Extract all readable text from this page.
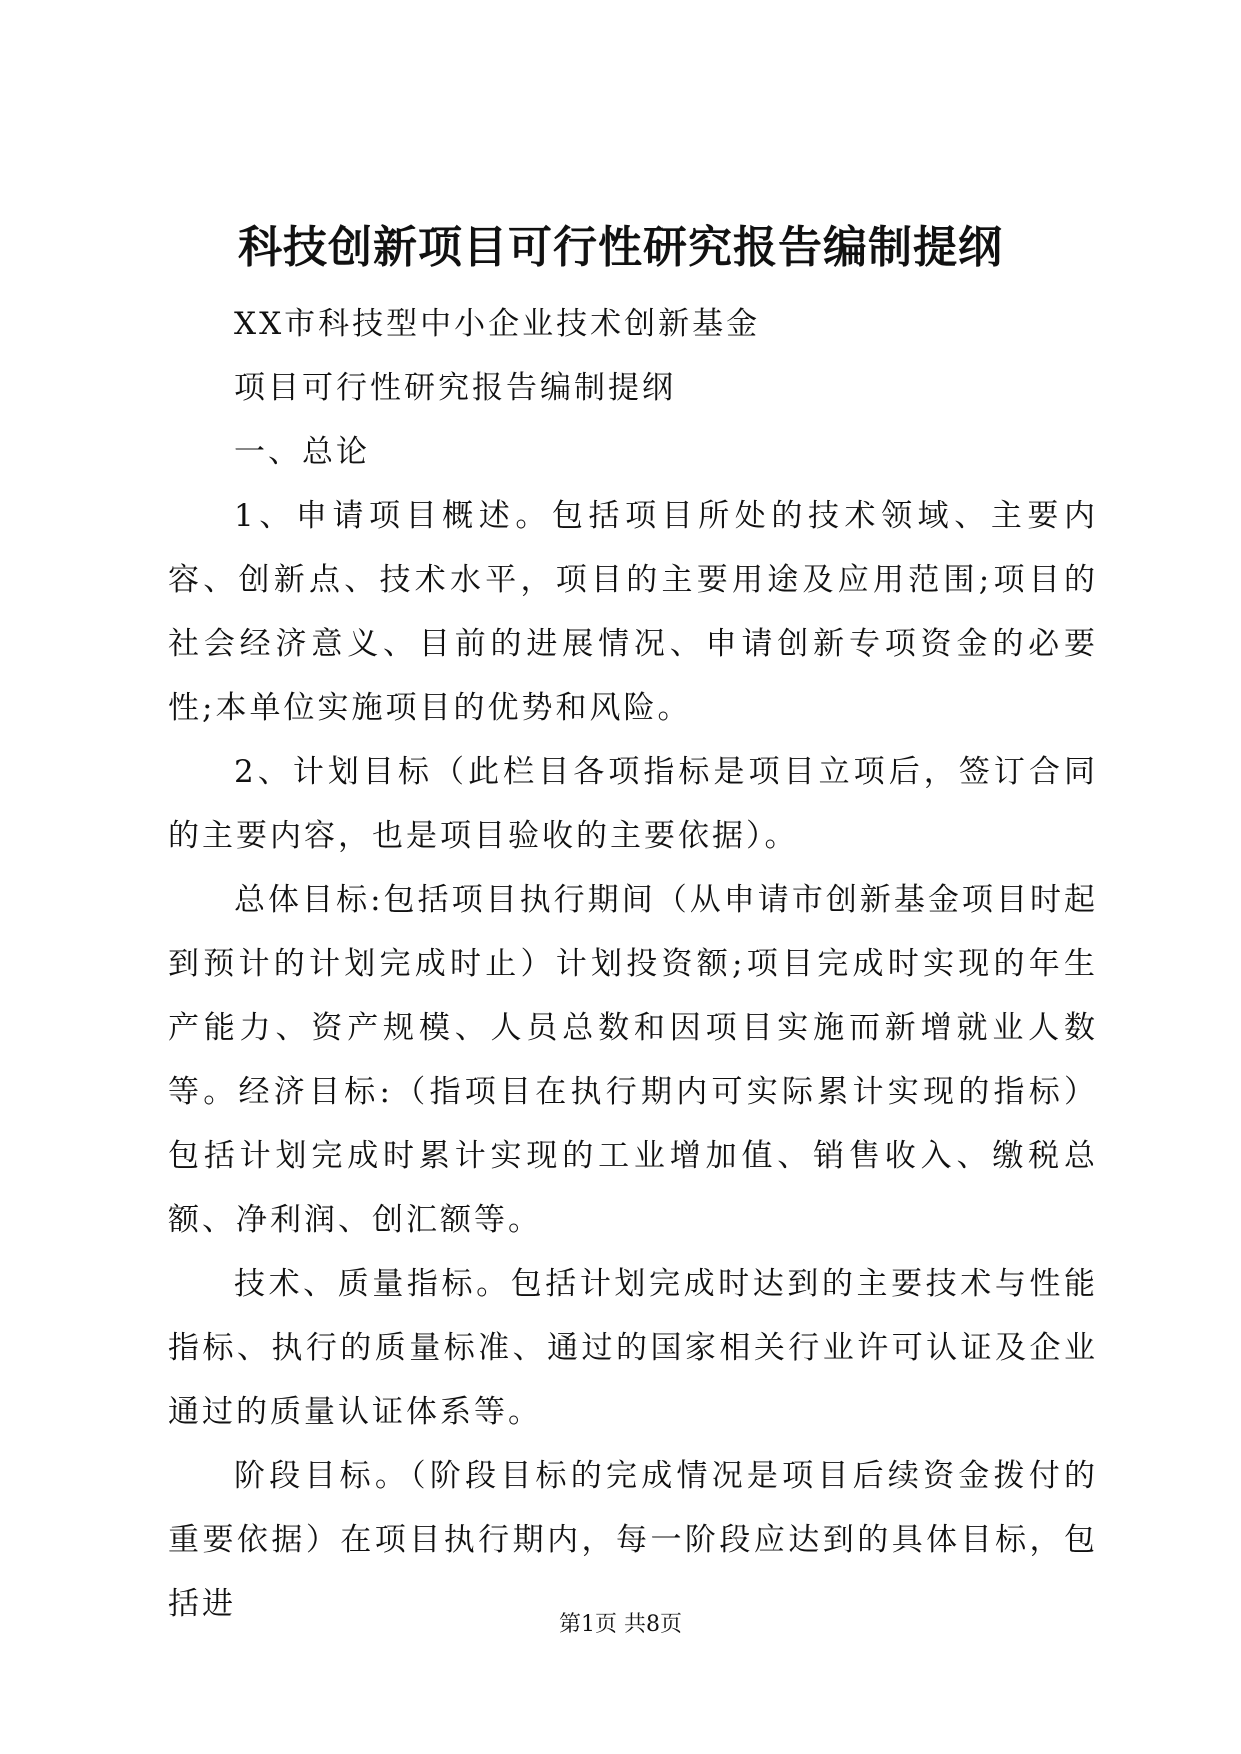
科技创新项目可行性研究报告编制提纲

XX市科技型中小企业技术创新基金

项目可行性研究报告编制提纲

一、总论

1、申请项目概述。包括项目所处的技术领域、主要内容、创新点、技术水平，项目的主要用途及应用范围;项目的社会经济意义、目前的进展情况、申请创新专项资金的必要性;本单位实施项目的优势和风险。

2、计划目标（此栏目各项指标是项目立项后，签订合同的主要内容，也是项目验收的主要依据）。

总体目标:包括项目执行期间（从申请市创新基金项目时起到预计的计划完成时止）计划投资额;项目完成时实现的年生产能力、资产规模、人员总数和因项目实施而新增就业人数等。经济目标:（指项目在执行期内可实际累计实现的指标）包括计划完成时累计实现的工业增加值、销售收入、缴税总额、净利润、创汇额等。

技术、质量指标。包括计划完成时达到的主要技术与性能指标、执行的质量标准、通过的国家相关行业许可认证及企业通过的质量认证体系等。

阶段目标。（阶段目标的完成情况是项目后续资金拨付的重要依据）在项目执行期内，每一阶段应达到的具体目标，包括进

第1页 共8页
